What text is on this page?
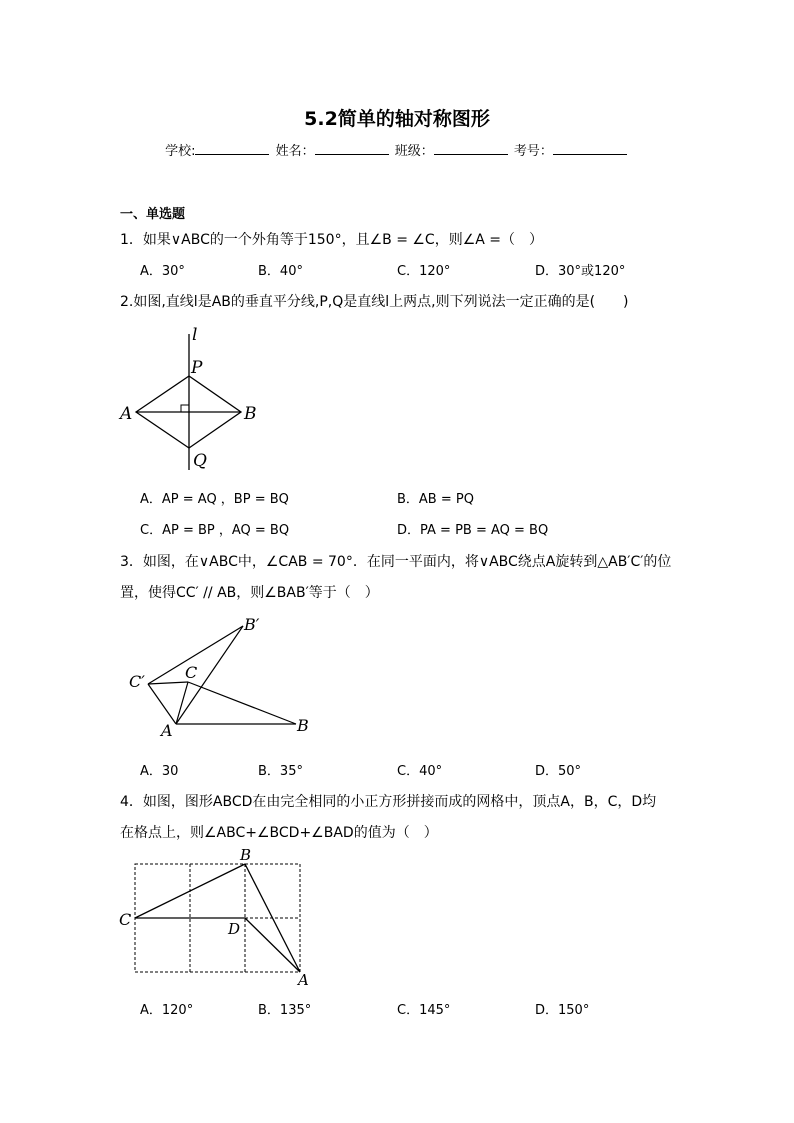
5.2简单的轴对称图形
学校:	姓名：	班级：	考号：
一、单选题
1．如果∨ABC的一个外角等于150°，且∠B = ∠C，则∠A =（　）
A．30°	B．40°	C．120°	D．30°或120°
2.如图,直线l是AB的垂直平分线,P,Q是直线l上两点,则下列说法一定正确的是(　　)
l
P
A	B
Q
A．AP = AQ ，BP = BQ	B．AB = PQ
C．AP = BP ，AQ = BQ	D．PA = PB = AQ = BQ
3．如图，在∨ABC中，∠CAB = 70°．在同一平面内，将∨ABC绕点A旋转到△AB′C′的位
置，使得CC′ // AB，则∠BAB′等于（　）
B′
C′	C
A	B
A．30	B．35°	C．40°	D．50°
4．如图，图形ABCD在由完全相同的小正方形拼接而成的网格中，顶点A，B，C，D均
在格点上，则∠ABC+∠BCD+∠BAD的值为（　）
B
C	D
A
A．120°	B．135°	C．145°	D．150°
